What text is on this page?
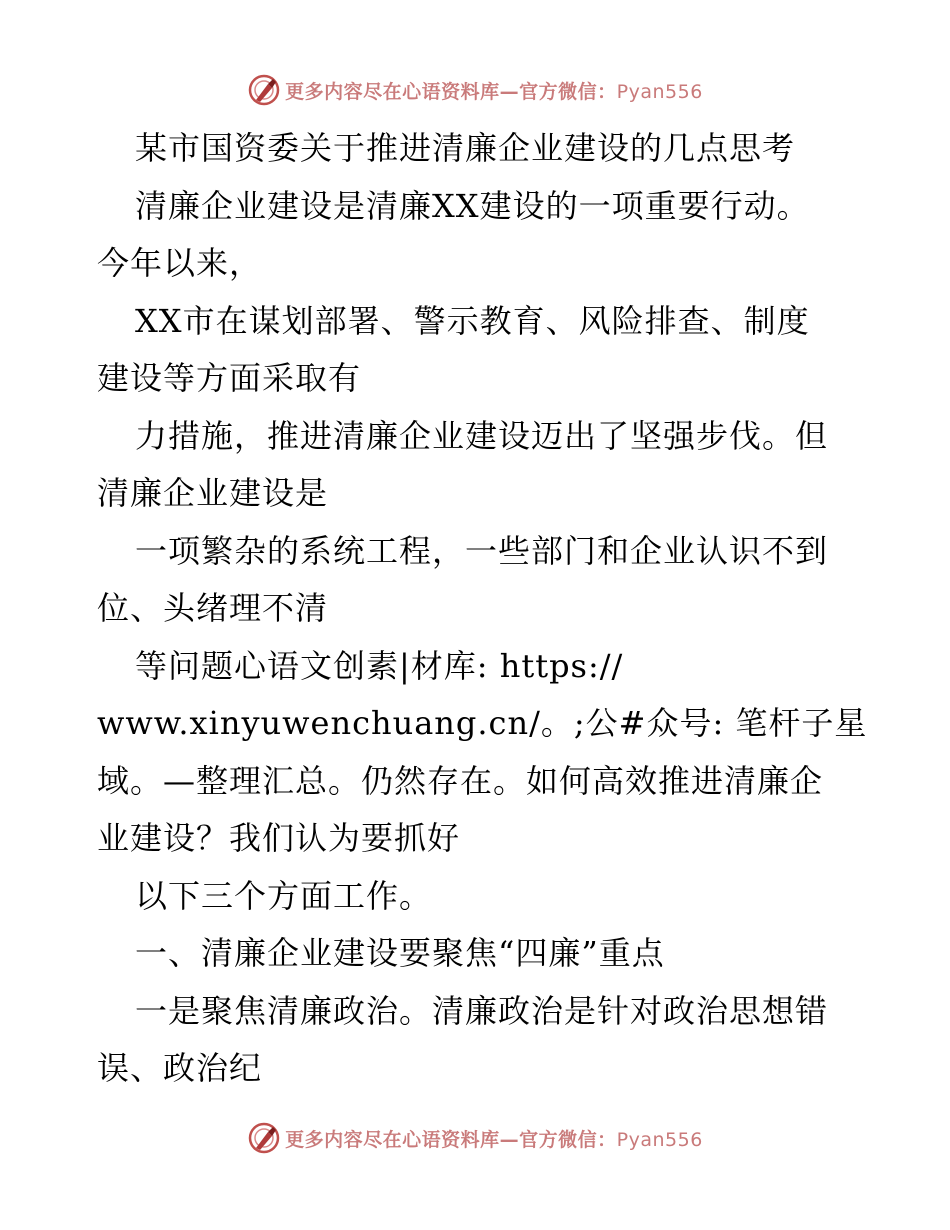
更多内容尽在心语资料库—官方微信：Pyan556
某市国资委关于推进清廉企业建设的几点思考
清廉企业建设是清廉XX建设的一项重要行动。
今年以来，
XX市在谋划部署、警示教育、风险排查、制度
建设等方面采取有
力措施，推进清廉企业建设迈出了坚强步伐。但
清廉企业建设是
一项繁杂的系统工程，一些部门和企业认识不到
位、头绪理不清
等问题心语文创素|材库: https://
www.xinyuwenchuang.cn/。;公#众号: 笔杆子星
域。—整理汇总。仍然存在。如何高效推进清廉企
业建设？我们认为要抓好
以下三个方面工作。
一、清廉企业建设要聚焦“四廉”重点
一是聚焦清廉政治。清廉政治是针对政治思想错
误、政治纪
更多内容尽在心语资料库—官方微信：Pyan556
